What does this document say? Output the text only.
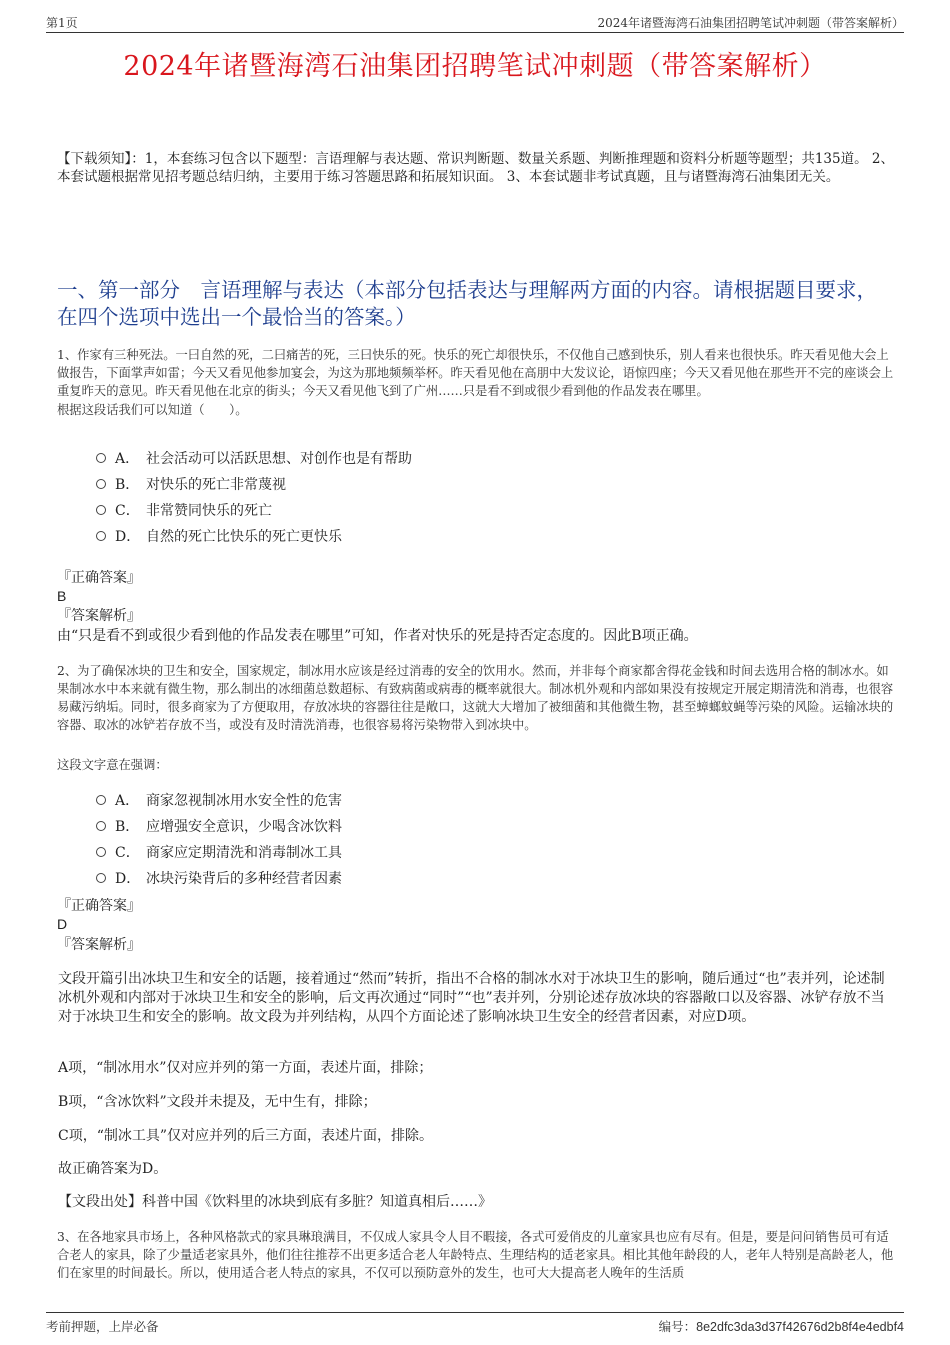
第1页	2024年诸暨海湾石油集团招聘笔试冲刺题（带答案解析）
2024年诸暨海湾石油集团招聘笔试冲刺题（带答案解析）
【下载须知】：1，本套练习包含以下题型：言语理解与表达题、常识判断题、数量关系题、判断推理题和资料分析题等题型；共135道。 2、本套试题根据常见招考题总结归纳，主要用于练习答题思路和拓展知识面。 3、本套试题非考试真题，且与诸暨海湾石油集团无关。
一、第一部分　言语理解与表达（本部分包括表达与理解两方面的内容。请根据题目要求，在四个选项中选出一个最恰当的答案。）
1、作家有三种死法。一曰自然的死，二曰痛苦的死，三曰快乐的死。快乐的死亡却很快乐，不仅他自己感到快乐，别人看来也很快乐。昨天看见他大会上做报告，下面掌声如雷；今天又看见他参加宴会，为这为那地频频举杯。昨天看见他在高朋中大发议论，语惊四座；今天又看见他在那些开不完的座谈会上重复昨天的意见。昨天看见他在北京的街头；今天又看见他飞到了广州……只是看不到或很少看到他的作品发表在哪里。
根据这段话我们可以知道（　　）。
A． 社会活动可以活跃思想、对创作也是有帮助
B． 对快乐的死亡非常蔑视
C． 非常赞同快乐的死亡
D． 自然的死亡比快乐的死亡更快乐
『正确答案』
B
『答案解析』
由“只是看不到或很少看到他的作品发表在哪里”可知，作者对快乐的死是持否定态度的。因此B项正确。
2、为了确保冰块的卫生和安全，国家规定，制冰用水应该是经过消毒的安全的饮用水。然而，并非每个商家都舍得花金钱和时间去选用合格的制冰水。如果制冰水中本来就有微生物，那么制出的冰细菌总数超标、有致病菌或病毒的概率就很大。制冰机外观和内部如果没有按规定开展定期清洗和消毒，也很容易藏污纳垢。同时，很多商家为了方便取用，存放冰块的容器往往是敞口，这就大大增加了被细菌和其他微生物，甚至蟑螂蚊蝇等污染的风险。运输冰块的容器、取冰的冰铲若存放不当，或没有及时清洗消毒，也很容易将污染物带入到冰块中。
这段文字意在强调：
A． 商家忽视制冰用水安全性的危害
B． 应增强安全意识，少喝含冰饮料
C． 商家应定期清洗和消毒制冰工具
D． 冰块污染背后的多种经营者因素
『正确答案』
D
『答案解析』
文段开篇引出冰块卫生和安全的话题，接着通过“然而”转折，指出不合格的制冰水对于冰块卫生的影响，随后通过“也”表并列，论述制冰机外观和内部对于冰块卫生和安全的影响，后文再次通过“同时”“也”表并列，分别论述存放冰块的容器敞口以及容器、冰铲存放不当对于冰块卫生和安全的影响。故文段为并列结构，从四个方面论述了影响冰块卫生安全的经营者因素，对应D项。
A项，“制冰用水”仅对应并列的第一方面，表述片面，排除；
B项，“含冰饮料”文段并未提及，无中生有，排除；
C项，“制冰工具”仅对应并列的后三方面，表述片面，排除。
故正确答案为D。
【文段出处】科普中国《饮料里的冰块到底有多脏？知道真相后……》
3、在各地家具市场上，各种风格款式的家具琳琅满目，不仅成人家具令人目不暇接，各式可爱俏皮的儿童家具也应有尽有。但是，要是问问销售员可有适合老人的家具，除了少量适老家具外，他们往往推荐不出更多适合老人年龄特点、生理结构的适老家具。相比其他年龄段的人，老年人特别是高龄老人，他们在家里的时间最长。所以，使用适合老人特点的家具，不仅可以预防意外的发生，也可大大提高老人晚年的生活质
考前押题，上岸必备	编号：8e2dfc3da3d37f42676d2b8f4e4edbf4
